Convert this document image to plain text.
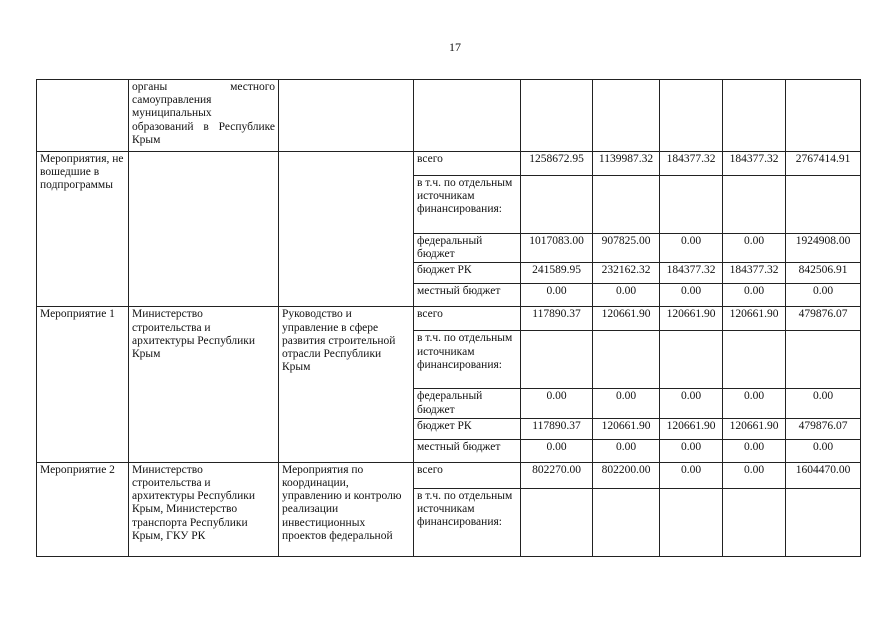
17
	органы местного самоуправления муниципальных образований в Республике Крым							
Мероприятия, не вошедшие в подпрограммы			всего	1258672.95	1139987.32	184377.32	184377.32	2767414.91
			в т.ч. по отдельным источникам финансирования:					
			федеральный бюджет	1017083.00	907825.00	0.00	0.00	1924908.00
			бюджет РК	241589.95	232162.32	184377.32	184377.32	842506.91
			местный бюджет	0.00	0.00	0.00	0.00	0.00
Мероприятие 1	Министерство строительства и архитектуры Республики Крым	Руководство и управление в сфере развития строительной отрасли Республики Крым	всего	117890.37	120661.90	120661.90	120661.90	479876.07
			в т.ч. по отдельным источникам финансирования:					
			федеральный бюджет	0.00	0.00	0.00	0.00	0.00
			бюджет РК	117890.37	120661.90	120661.90	120661.90	479876.07
			местный бюджет	0.00	0.00	0.00	0.00	0.00
Мероприятие 2	Министерство строительства и архитектуры Республики Крым, Министерство транспорта Республики Крым, ГКУ РК	Мероприятия по координации, управлению и контролю реализации инвестиционных проектов федеральной	всего	802270.00	802200.00	0.00	0.00	1604470.00
			в т.ч. по отдельным источникам финансирования:					
